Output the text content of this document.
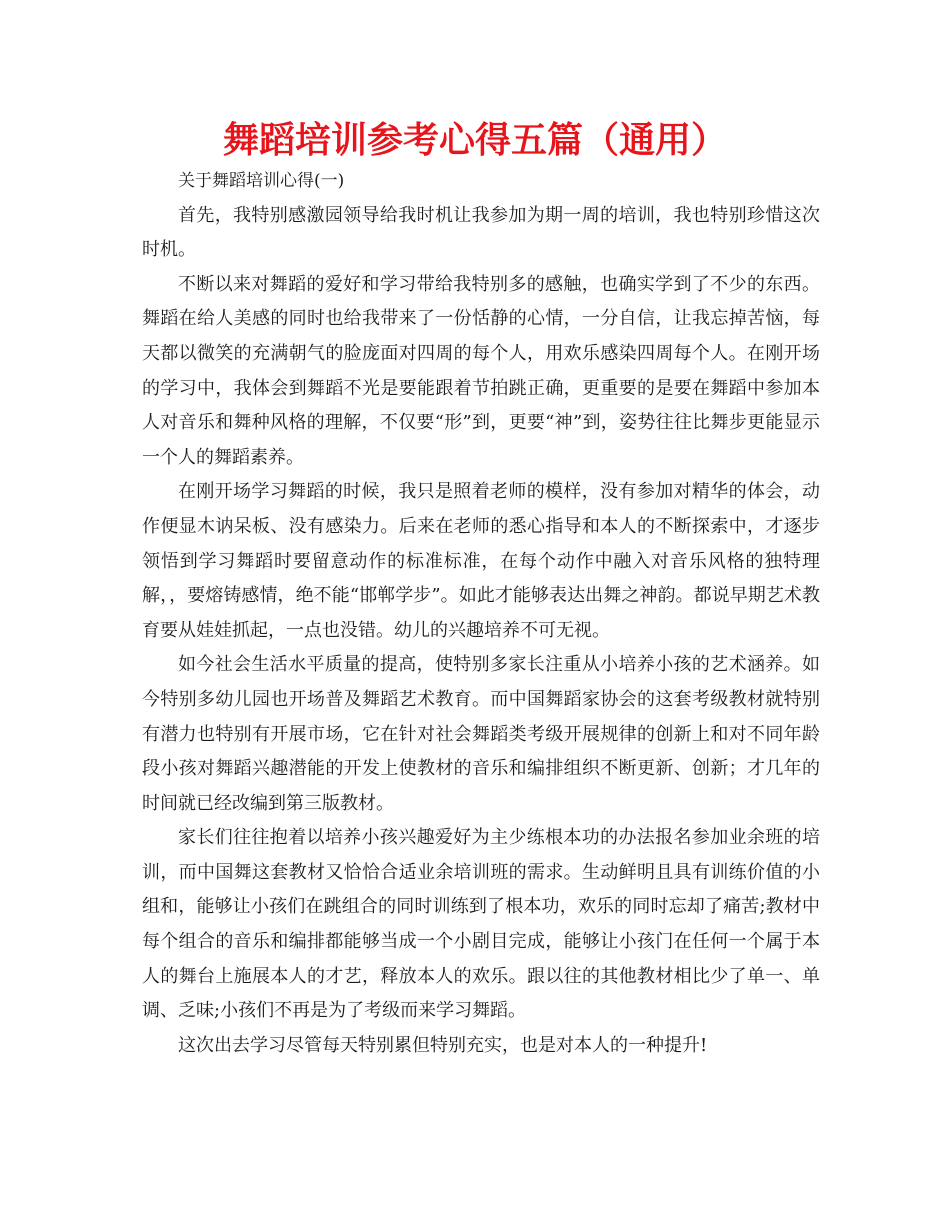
舞蹈培训参考心得五篇（通用）

关于舞蹈培训心得(一)

首先，我特别感激园领导给我时机让我参加为期一周的培训，我也特别珍惜这次时机。

不断以来对舞蹈的爱好和学习带给我特别多的感触，也确实学到了不少的东西。舞蹈在给人美感的同时也给我带来了一份恬静的心情，一分自信，让我忘掉苦恼，每天都以微笑的充满朝气的脸庞面对四周的每个人，用欢乐感染四周每个人。在刚开场的学习中，我体会到舞蹈不光是要能跟着节拍跳正确，更重要的是要在舞蹈中参加本人对音乐和舞种风格的理解，不仅要“形”到，更要“神”到，姿势往往比舞步更能显示一个人的舞蹈素养。

在刚开场学习舞蹈的时候，我只是照着老师的模样，没有参加对精华的体会，动作便显木讷呆板、没有感染力。后来在老师的悉心指导和本人的不断探索中，才逐步领悟到学习舞蹈时要留意动作的标准标准，在每个动作中融入对音乐风格的独特理解，，要熔铸感情，绝不能“邯郸学步”。如此才能够表达出舞之神韵。都说早期艺术教育要从娃娃抓起，一点也没错。幼儿的兴趣培养不可无视。

如今社会生活水平质量的提高，使特别多家长注重从小培养小孩的艺术涵养。如今特别多幼儿园也开场普及舞蹈艺术教育。而中国舞蹈家协会的这套考级教材就特别有潜力也特别有开展市场，它在针对社会舞蹈类考级开展规律的创新上和对不同年龄段小孩对舞蹈兴趣潜能的开发上使教材的音乐和编排组织不断更新、创新；才几年的时间就已经改编到第三版教材。

家长们往往抱着以培养小孩兴趣爱好为主少练根本功的办法报名参加业余班的培训，而中国舞这套教材又恰恰合适业余培训班的需求。生动鲜明且具有训练价值的小组和，能够让小孩们在跳组合的同时训练到了根本功，欢乐的同时忘却了痛苦;教材中每个组合的音乐和编排都能够当成一个小剧目完成，能够让小孩门在任何一个属于本人的舞台上施展本人的才艺，释放本人的欢乐。跟以往的其他教材相比少了单一、单调、乏味;小孩们不再是为了考级而来学习舞蹈。

这次出去学习尽管每天特别累但特别充实，也是对本人的一种提升!
